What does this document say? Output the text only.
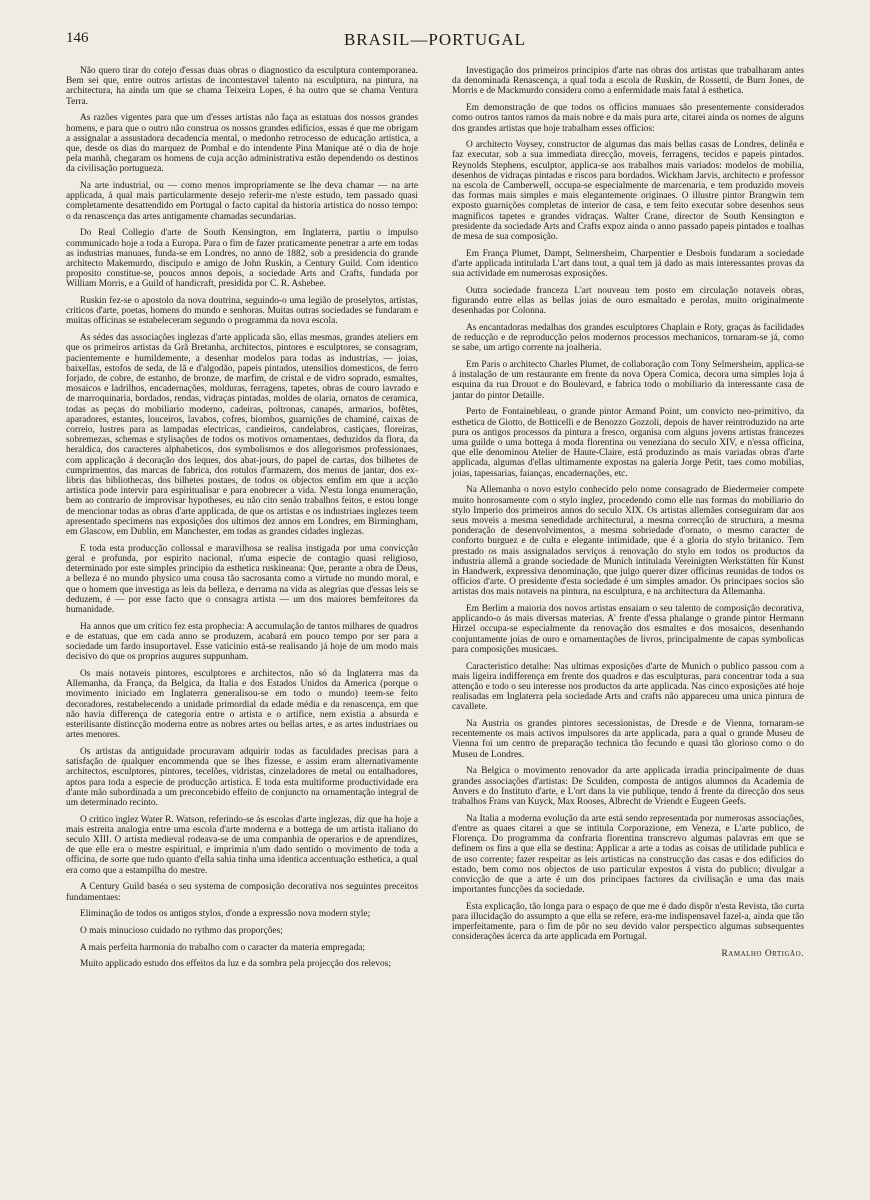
146	BRASIL—PORTUGAL

Não quero tirar do cotejo d'essas duas obras o diagnostico da esculptura contemporanea. Bem sei que, entre outros artistas de incontestavel talento na esculptura, na pintura, na architectura, ha ainda um que se chama Teixeira Lopes, é ha outro que se chama Ventura Terra.

As razões vigentes para que um d'esses artistas não faça as estatuas dos nossos grandes homens, e para que o outro não construa os nossos grandes edificios, essas é que me obrigam a assignalar a assustadora decadencia mental, o medonho retrocesso de educação artistica, a que, desde os dias do marquez de Pombal e do intendente Pina Manique até o dia de hoje pela manhã, chegaram os homens de cuja acção administrativa estão dependendo os destinos da civilisação portugueza.

Na arte industrial, ou — como menos impropriamente se lhe deva chamar — na arte applicada, á qual mais particularmente desejo referir-me n'este estudo, tem passado quasi completamente desattendido em Portugal o facto capital da historia artistica do nosso tempo: o da renascença das artes antigamente chamadas secundarias.

Do Real Collegio d'arte de South Kensington, em Inglaterra, partiu o impulso communicado hoje a toda a Europa. Para o fim de fazer praticamente penetrar a arte em todas as industrias manuaes, funda-se em Londres, no anno de 1882, sob a presidencia do grande architecto Makemurdo, discipulo e amigo de John Ruskin, a Century Guild. Com identico proposito constitue-se, poucos annos depois, a sociedade Arts and Crafts, fundada por William Morris, e a Guild of handicraft, presidida por C. R. Ashebee.

Ruskin fez-se o apostolo da nova doutrina, seguindo-o uma legião de proselytos, artistas, criticos d'arte, poetas, homens do mundo e senhoras. Muitas outras sociedades se fundaram e muitas officinas se estabeleceram segundo o programma da nova escola.

As sédes das associações inglezas d'arte applicada são, ellas mesmas, grandes ateliers em que os primeiros artistas da Grã Bretanha, architectos, pintores e esculptores, se consagram, pacientemente e humildemente, a desenhar modelos para todas as industrias, — joias, baixellas, estofos de seda, de lã e d'algodão, papeis pintados, utensilios domesticos, de ferro forjado, de cobre, de estanho, de bronze, de marfim, de cristal e de vidro soprado, esmaltes, mosaicos e ladrilhos, encadernações, molduras, ferragens, tapetes, obras de couro lavrado e de marroquinaria, bordados, rendas, vidraças pintadas, moldes de olaria, ornatos de ceramica, todas as peças do mobiliario moderno, cadeiras, poltronas, canapés, armarios, bofêtes, aparadores, estantes, louceiros, lavabos, cofres, biombos, guarnições de chaminé, caixas de correio, lustres para as lampadas electricas, candieiros, candelabros, castiçaes, floreiras, sobremezas, schemas e stylisações de todos os motivos ornamentaes, deduzidos da flora, da heraldica, dos caracteres alphabeticos, dos symbolismos e dos allegorismos professionaes, com applicação á decoração dos leques, dos abat-jours, do papel de cartas, dos bilhetes de cumprimentos, das marcas de fabrica, dos rotulos d'armazem, dos menus de jantar, dos ex-libris das bibliothecas, dos bilhetes postaes, de todos os objectos emfim em que a acção artistica pode intervir para espiritualisar e para enobrecer a vida. N'esta longa enumeração, bem ao contrario de improvisar hypotheses, eu não cito senão trabalhos feitos, e estou longe de mencionar todas as obras d'arte applicada, de que os artistas e os industriaes inglezes teem apresentado specimens nas exposições dos ultimos dez annos em Londres, em Birmingham, em Glascow, em Dublin, em Manchester, em todas as grandes cidades inglezas.

E toda esta producção collossal e maravilhosa se realisa instigada por uma convicção geral e profunda, por espirito nacional, n'uma especie de contagio quasi religioso, determinado por este simples principio da esthetica ruskineana: Que, perante a obra de Deus, a belleza é no mundo physico uma cousa tão sacrosanta como a virtude no mundo moral, e que o homem que investiga as leis da belleza, e derrama na vida as alegrias que d'essas leis se deduzem, é — por esse facto que o consagra artista — um dos maiores bemfeitores da humanidade.

Ha annos que um critico fez esta prophecia: A accumulação de tantos milhares de quadros e de estatuas, que em cada anno se produzem, acabará em pouco tempo por ser para a sociedade um fardo insuportavel. Esse vaticinio está-se realisando já hoje de um modo mais decisivo do que os proprios augures suppunham.

Os mais notaveis pintores, esculptores e architectos, não só da Inglaterra mas da Allemanha, da França, da Belgica, da Italia e dos Estados Unidos da America (porque o movimento iniciado em Inglaterra generalisou-se em todo o mundo) teem-se feito decoradores, restabelecendo a unidade primordial da edade média e da renascença, em que não havia differença de categoria entre o artista e o artifice, nem existia a absurda e esterilisante distincção moderna entre as nobres artes ou bellas artes, e as artes industriaes ou artes menores.

Os artistas da antiguidade procuravam adquirir todas as faculdades precisas para a satisfação de qualquer encommenda que se lhes fizesse, e assim eram alternativamente architectos, esculptores, pintores, tecelões, vidristas, cinzeladores de metal ou entalhadores, aptos para toda a especie de producção artistica. E toda esta multiforme productividade era d'ante mão subordinada a um preconcebido effeito de conjuncto na ornamentação integral de um determinado recinto.

O critico inglez Water R. Watson, referindo-se ás escolas d'arte inglezas, diz que ha hoje a mais estreita analogia entre uma escola d'arte moderna e a bottega de um artista italiano do seculo XIII. O artista medieval rodeava-se de uma companhia de operarios e de aprendizes, de que elle era o mestre espiritual, e imprimia n'um dado sentido o movimento de toda a officina, de sorte que tudo quanto d'ella sahia tinha uma identica accentuação esthetica, a qual era como que a estampilha do mestre.

A Century Guild baséa o seu systema de composição decorativa nos seguintes preceitos fundamentaes:

Eliminação de todos os antigos stylos, d'onde a expressão nova modern style;

O mais minucioso cuidado no rythmo das proporções;

A mais perfeita harmonia do trabalho com o caracter da materia empregada;

Muito applicado estudo dos effeitos da luz e da sombra pela projecção dos relevos;

Investigação dos primeiros principios d'arte nas obras dos artistas que trabalharam antes da denominada Renascença, a qual toda a escola de Ruskin, de Rossetti, de Burn Jones, de Morris e de Mackmurdo considera como a enfermidade mais fatal á esthetica.

Em demonstração de que todos os officios manuaes são presentemente considerados como outros tantos ramos da mais nobre e da mais pura arte, citarei ainda os nomes de alguns dos grandes artistas que hoje trabalham esses officios:

O architecto Voysey, constructor de algumas das mais bellas casas de Londres, delinêa e faz executar, sob a sua immediata direcção, moveis, ferragens, tecidos e papeis pintados. Reynolds Stephens, esculptor, applica-se aos trabalhos mais variados: modelos de mobilia, desenhos de vidraças pintadas e riscos para bordados. Wickham Jarvis, architecto e professor na escola de Camberwell, occupa-se especialmente de marcenaria, e tem produzido moveis das formas mais simples e mais elegantemente originaes. O illustre pintor Brangwin tem exposto guarnições completas de interior de casa, e tem feito executar sobre desenhos seus magnificos tapetes e grandes vidraças. Walter Crane, director de South Kensington e presidente da sociedade Arts and Crafts expoz ainda o anno passado papeis pintados e toalhas de mesa de sua composição.

Em França Plumet, Dampt, Selmersheim, Charpentier e Desbois fundaram a sociedade d'arte applicada intitulada L'art dans tout, a qual tem já dado as mais interessantes provas da sua actividade em numerosas exposições.

Outra sociedade franceza L'art nouveau tem posto em circulação notaveis obras, figurando entre ellas as bellas joias de ouro esmaltado e perolas, muito originalmente desenhadas por Colonna.

As encantadoras medalhas dos grandes esculptores Chaplain e Roty, graças ás facilidades de reducção e de reproducção pelos modernos processos mechanicos, tornaram-se já, como se sabe, um artigo corrente na joalheria.

Em Paris o architecto Charles Plumet, de collaboração com Tony Selmersheim, applica-se á instalação de um restaurante em frente da nova Opera Comica, decora uma simples loja á esquina da rua Drouot e do Boulevard, e fabrica todo o mobiliario da interessante casa de jantar do pintor Detaille.

Perto de Fontainebleau, o grande pintor Armand Point, um convicto neo-primitivo, da esthetica de Giotto, de Botticelli e de Benozzo Gozzoli, depois de haver reintroduzido na arte pura os antigos processos da pintura a fresco, organisa com alguns jovens artistas francezes uma guilde o uma bottega á moda florentina ou veneziana do seculo XIV, e n'essa officina, que elle denominou Atelier de Haute-Claire, está produzindo as mais variadas obras d'arte applicada, algumas d'ellas ultimamente expostas na galeria Jorge Petit, taes como mobilias, joias, tapessarias, faianças, encadernações, etc.

Na Allemanha o novo estylo conhecido pelo nome consagrado de Biedermeier compete muito honrosamente com o stylo inglez, procedendo como elle nas formas do mobiliario do stylo Imperio dos primeiros annos do seculo XIX. Os artistas allemães conseguiram dar aos seus moveis a mesma senedidade architectural, a mesma correcção de structura, a mesma ponderação de desenvolvimentos, a mesma sobriedade d'ornato, o mesmo caracter de conforto burguez e de culta e elegante intimidade, que é a gloria do stylo britanico. Tem prestado os mais assignalados serviços á renovação do stylo em todos os productos da industria allemã a grande sociedade de Munich intitulada Vereinigten Werkstätten für Kunst in Handwerk, expressiva denominação, que julgo querer dizer officinas reunidas de todos os officios d'arte. O presidente d'esta sociedade é um simples amador. Os principaes socios são artistas dos mais notaveis na pintura, na esculptura, e na architectura da Allemanha.

Em Berlim a maioria dos novos artistas ensaiam o seu talento de composição decorativa, applicando-o ás mais diversas materias. A' frente d'essa phalange o grande pintor Hermann Hirzel occupa-se especialmente da renovação dos esmaltes e dos mosaicos, desenhando conjuntamente joias de ouro e ornamentações de livros, principalmente de capas symbolicas para composições musicaes.

Caracteristico detalhe: Nas ultimas exposições d'arte de Munich o publico passou com a mais ligeira indifferença em frente dos quadros e das esculpturas, para concentrar toda a sua attenção e todo o seu interesse nos productos da arte applicada. Nas cinco exposições até hoje realisadas em Inglaterra pela sociedade Arts and crafts não appareceu uma unica pintura de cavallete.

Na Austria os grandes pintores secessionistas, de Dresde e de Vienna, tornaram-se recentemente os mais activos impulsores da arte applicada, para a qual o grande Museu de Vienna foi um centro de preparação technica tão fecundo e quasi tão glorioso como o do Museu de Londres.

Na Belgica o movimento renovador da arte applicada irradia principalmente de duas grandes associações d'artistas: De Sculden, composta de antigos alumnos da Academia de Anvers e do Instituto d'arte, e L'ort dans la vie publique, tendo á frente da direcção dos seus trabalhos Frans van Kuyck, Max Rooses, Albrecht de Vriendt e Eugeen Geefs.

Na Italia a moderna evolução da arte está sendo representada por numerosas associações, d'entre as quaes citarei a que se intitula Corporazione, em Veneza, e L'arte publico, de Florença. Do programma da confraria florentina transcrevo algumas palavras em que se definem os fins a que ella se destina: Applicar a arte a todas as coisas de utilidade publica e de uso corrente; fazer respeitar as leis artisticas na construcção das casas e dos edificios do estado, bem como nos objectos de uso particular expostos á vista do publico; divulgar a convicção de que a arte é um dos principaes factores da civilisação e uma das mais importantes funcções da sociedade.

Esta explicação, tão longa para o espaço de que me é dado dispôr n'esta Revista, tão curta para illucidação do assumpto a que ella se refere, era-me indispensavel fazel-a, ainda que tão imperfeitamente, para o fim de pôr no seu devido valor perspectico algumas subsequentes considerações ácerca da arte applicada em Portugal.

Ramalho Ortigão.
